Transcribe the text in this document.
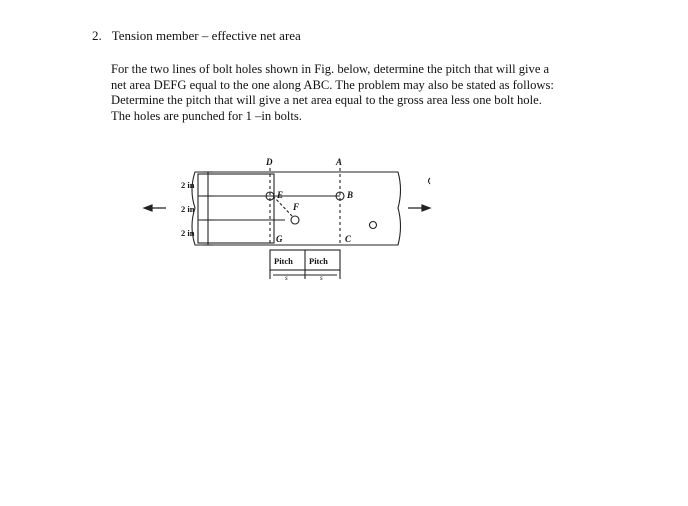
2. Tension member – effective net area
For the two lines of bolt holes shown in Fig. below, determine the pitch that will give a
net area DEFG equal to the one along ABC. The problem may also be stated as follows:
Determine the pitch that will give a net area equal to the gross area less one bolt hole.
The holes are punched for 1 –in bolts.
D	A
E	B
F
G	C
2 in
2 in
2 in
Pitch Pitch
s	s
